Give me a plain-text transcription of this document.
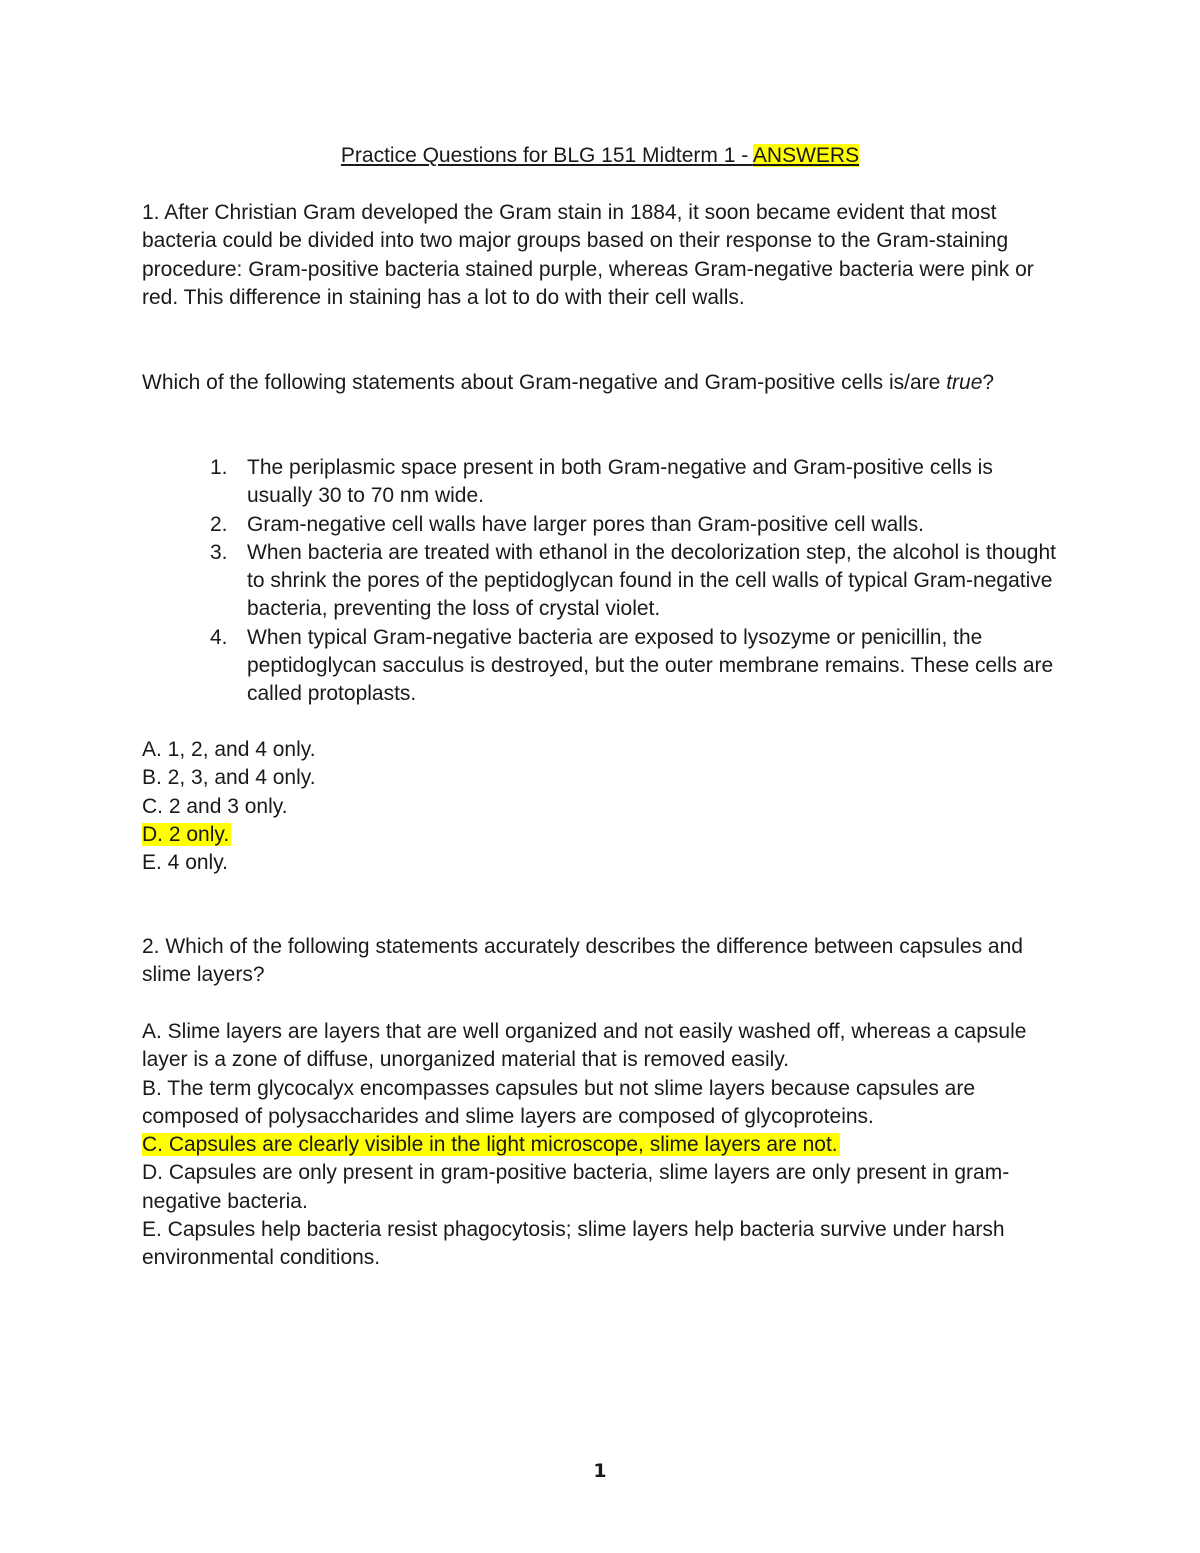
Practice Questions for BLG 151 Midterm 1 - ANSWERS
1. After Christian Gram developed the Gram stain in 1884, it soon became evident that most bacteria could be divided into two major groups based on their response to the Gram-staining procedure: Gram-positive bacteria stained purple, whereas Gram-negative bacteria were pink or red. This difference in staining has a lot to do with their cell walls.
Which of the following statements about Gram-negative and Gram-positive cells is/are true?
1. The periplasmic space present in both Gram-negative and Gram-positive cells is usually 30 to 70 nm wide.
2. Gram-negative cell walls have larger pores than Gram-positive cell walls.
3. When bacteria are treated with ethanol in the decolorization step, the alcohol is thought to shrink the pores of the peptidoglycan found in the cell walls of typical Gram-negative bacteria, preventing the loss of crystal violet.
4. When typical Gram-negative bacteria are exposed to lysozyme or penicillin, the peptidoglycan sacculus is destroyed, but the outer membrane remains. These cells are called protoplasts.
A. 1, 2, and 4 only.
B. 2, 3, and 4 only.
C. 2 and 3 only.
D. 2 only.
E. 4 only.
2. Which of the following statements accurately describes the difference between capsules and slime layers?
A. Slime layers are layers that are well organized and not easily washed off, whereas a capsule layer is a zone of diffuse, unorganized material that is removed easily.
B. The term glycocalyx encompasses capsules but not slime layers because capsules are composed of polysaccharides and slime layers are composed of glycoproteins.
C. Capsules are clearly visible in the light microscope, slime layers are not.
D. Capsules are only present in gram-positive bacteria, slime layers are only present in gram-negative bacteria.
E. Capsules help bacteria resist phagocytosis; slime layers help bacteria survive under harsh environmental conditions.
1
